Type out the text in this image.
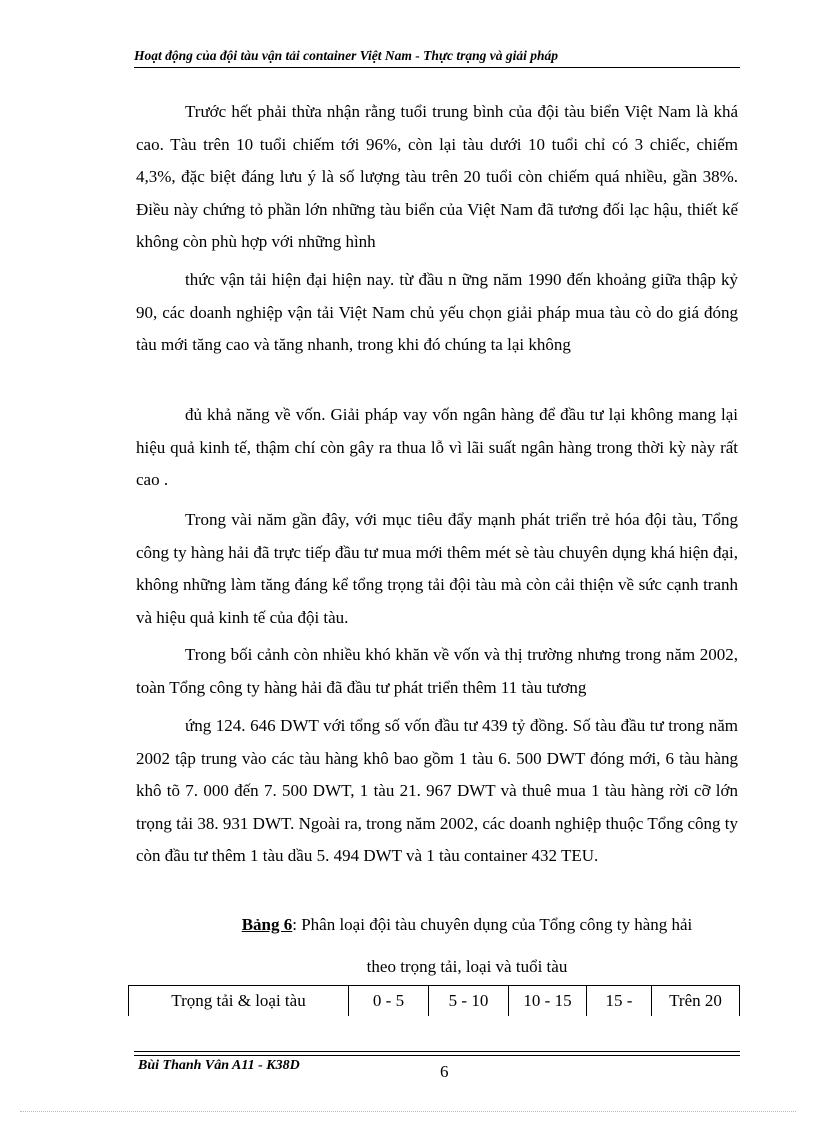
Hoạt động của đội tàu vận tải container Việt Nam - Thực trạng và giải pháp

Trước hết phải thừa nhận rằng tuổi trung bình của đội tàu biển Việt Nam là khá cao. Tàu trên 10 tuổi chiếm tới 96%, còn lại tàu dưới 10 tuổi chỉ có 3 chiếc, chiếm 4,3%, đặc biệt đáng lưu ý là số lượng tàu trên 20 tuổi còn chiếm quá nhiều, gần 38%. Điều này chứng tỏ phần lớn những tàu biển của Việt Nam đã tương đối lạc hậu, thiết kế không còn phù hợp với những hình

thức vận tải hiện đại hiện nay. từ đầu n ững năm 1990 đến khoảng giữa thập kỷ 90, các doanh nghiệp vận tải Việt Nam chủ yếu chọn giải pháp mua tàu cò do giá đóng tàu mới tăng cao và tăng nhanh, trong khi đó chúng ta lại không

đủ khả năng về vốn. Giải pháp vay vốn ngân hàng để đầu tư lại không mang lại hiệu quả kinh tế, thậm chí còn gây ra thua lỗ vì lãi suất ngân hàng trong thời kỳ này rất cao .

Trong vài năm gần đây, với mục tiêu đẩy mạnh phát triển trẻ hóa đội tàu, Tổng công ty hàng hải đã trực tiếp đầu tư mua mới thêm mét sè tàu chuyên dụng khá hiện đại, không những làm tăng đáng kể tổng trọng tải đội tàu mà còn cải thiện về sức cạnh tranh và hiệu quả kinh tế của đội tàu.

Trong bối cảnh còn nhiều khó khăn về vốn và thị trường nhưng trong năm 2002, toàn Tổng công ty hàng hải đã đầu tư phát triển thêm 11 tàu tương

ứng 124. 646 DWT với tổng số vốn đầu tư 439 tỷ đồng. Số tàu đầu tư trong năm 2002 tập trung vào các tàu hàng khô bao gồm 1 tàu 6. 500 DWT đóng mới, 6 tàu hàng khô tõ 7. 000 đến 7. 500 DWT, 1 tàu 21. 967 DWT và thuê mua 1 tàu hàng rời cỡ lớn trọng tải 38. 931 DWT. Ngoài ra, trong năm 2002, các doanh nghiệp thuộc Tổng công ty còn đầu tư thêm 1 tàu dầu 5. 494 DWT và 1 tàu container 432 TEU.

Bảng 6: Phân loại đội tàu chuyên dụng của Tổng công ty hàng hải
theo trọng tải, loại và tuổi tàu
Trọng tải & loại tàu	0 - 5	5 - 10	10 - 15	15 -	Trên 20
Bùi Thanh Vân A11 - K38D	6
